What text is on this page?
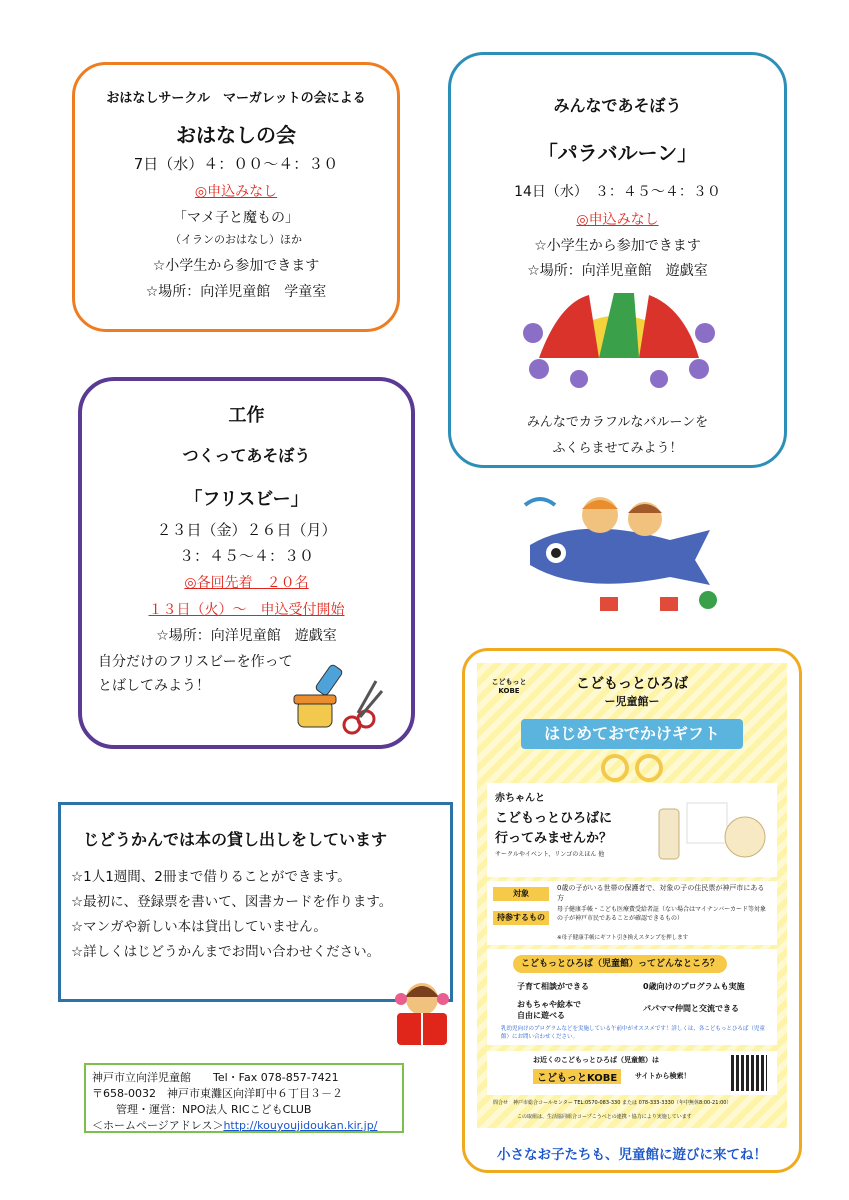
おはなしサークル　マーガレットの会による
おはなしの会
7日（水）４：００～４：３０
◎申込みなし
「マメ子と魔もの」
（イランのおはなし）ほか
☆小学生から参加できます
☆場所：向洋児童館　学童室
みんなであそぼう
「パラバルーン」
14日（水）　３：４５～４：３０
◎申込みなし
☆小学生から参加できます
☆場所：向洋児童館　遊戯室
みんなでカラフルなバルーンを
ふくらませてみよう！
工作
つくってあそぼう
「フリスビー」
２３日（金）２６日（月）
３：４５～４：３０
◎各回先着　２０名
１３日（火）～　申込受付開始
☆場所：向洋児童館　遊戯室
自分だけのフリスビーを作って
とばしてみよう！
じどうかんでは本の貸し出しをしています
☆1人1週間、2冊まで借りることができます。
☆最初に、登録票を書いて、図書カードを作ります。
☆マンガや新しい本は貸出していません。
☆詳しくはじどうかんまでお問い合わせください。
神戸市立向洋児童館　　Tel・Fax 078-857-7421
〒658-0032　神戸市東灘区向洋町中６丁目３－２
管理・運営：NPO法人 RICこどもCLUB
＜ホームページアドレス＞http://kouyoujidoukan.kir.jp/
こどもっとひろば
ー児童館ー
こどもっと KOBE
はじめておでかけギフト
赤ちゃんと
こどもっとひろばに
行ってみませんか？
サークルやイベント、リンゴのえほん 他
対象
0歳の子がいる世帯の保護者で、対象の子の住民票が神戸市にある方
持参するもの
母子健康手帳・こども医療費受給者証（ない場合はマイナンバーカード等対象の子が神戸市民であることが確認できるもの）
※母子健康手帳にギフト引き換えスタンプを押します
こどもっとひろば（児童館）ってどんなところ？
子育て相談ができる	0歳向けのプログラムも実施
おもちゃや絵本で自由に遊べる
パパママ仲間と交流できる
乳幼児向けのプログラムなどを実施している午前中がオススメです！詳しくは、各こどもっとひろば（児童館）にお問い合わせください。
お近くのこどもっとひろば（児童館）は
こどもっとKOBE	サイトから検索！
問合せ　神戸市総合コールセンター TEL:0570-083-330 または 078-333-3330（年中無休8:00-21:00）
この取組は、生活協同組合コープこうべとの連携・協力により実施しています
小さなお子たちも、児童館に遊びに来てね！
